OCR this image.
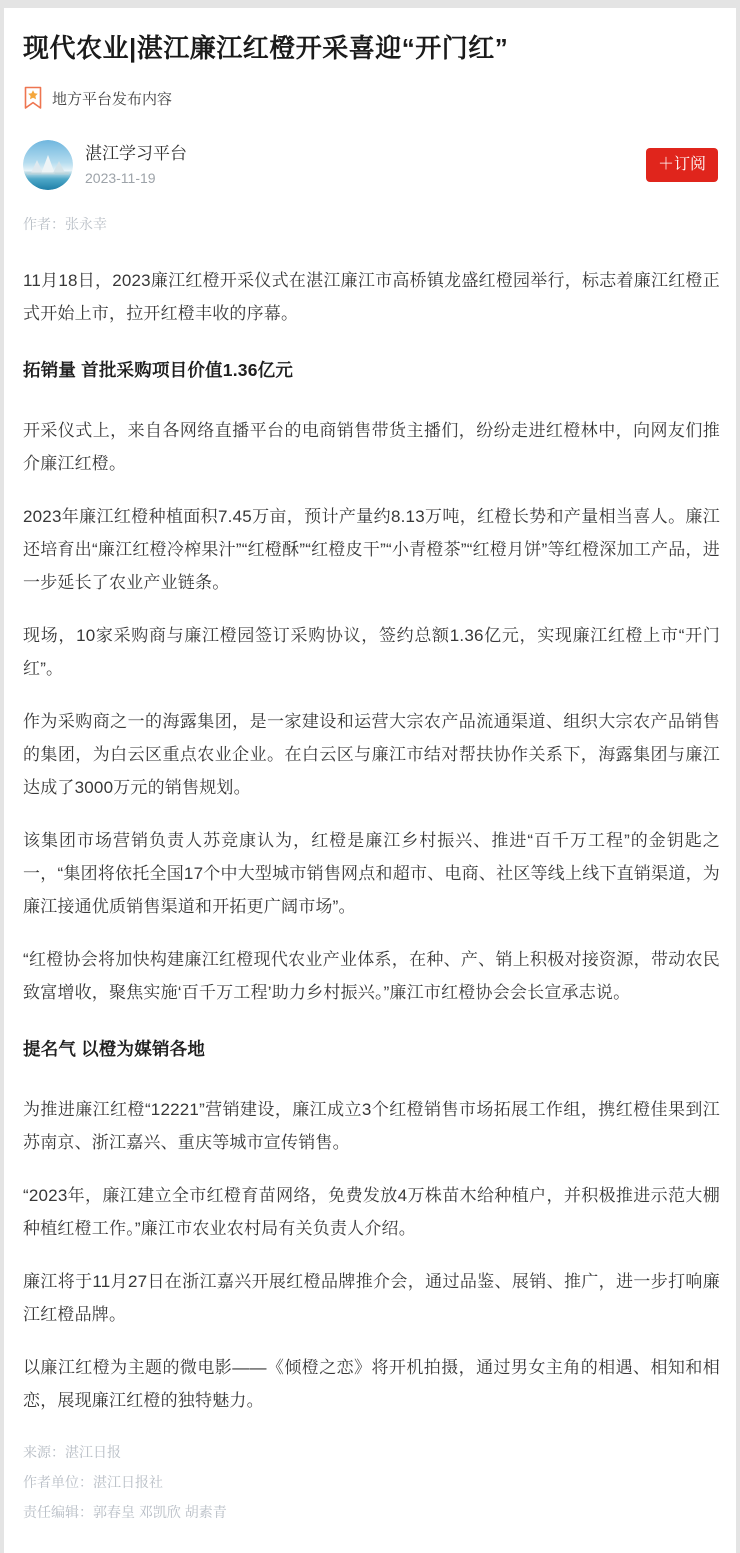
现代农业|湛江廉江红橙开采喜迎“开门红”
地方平台发布内容
湛江学习平台
2023-11-19
＋订阅
作者：张永幸

11月18日，2023廉江红橙开采仪式在湛江廉江市高桥镇龙盛红橙园举行，标志着廉江红橙正式开始上市，拉开红橙丰收的序幕。

拓销量 首批采购项目价值1.36亿元

开采仪式上，来自各网络直播平台的电商销售带货主播们，纷纷走进红橙林中，向网友们推介廉江红橙。

2023年廉江红橙种植面积7.45万亩，预计产量约8.13万吨，红橙长势和产量相当喜人。廉江还培育出“廉江红橙冷榨果汁”“红橙酥”“红橙皮干”“小青橙茶”“红橙月饼”等红橙深加工产品，进一步延长了农业产业链条。

现场，10家采购商与廉江橙园签订采购协议，签约总额1.36亿元，实现廉江红橙上市“开门红”。

作为采购商之一的海露集团，是一家建设和运营大宗农产品流通渠道、组织大宗农产品销售的集团，为白云区重点农业企业。在白云区与廉江市结对帮扶协作关系下，海露集团与廉江达成了3000万元的销售规划。

该集团市场营销负责人苏竞康认为，红橙是廉江乡村振兴、推进“百千万工程”的金钥匙之一，“集团将依托全国17个中大型城市销售网点和超市、电商、社区等线上线下直销渠道，为廉江接通优质销售渠道和开拓更广阔市场”。

“红橙协会将加快构建廉江红橙现代农业产业体系，在种、产、销上积极对接资源，带动农民致富增收，聚焦实施‘百千万工程’助力乡村振兴。”廉江市红橙协会会长宣承志说。

提名气 以橙为媒销各地

为推进廉江红橙“12221”营销建设，廉江成立3个红橙销售市场拓展工作组，携红橙佳果到江苏南京、浙江嘉兴、重庆等城市宣传销售。

“2023年，廉江建立全市红橙育苗网络，免费发放4万株苗木给种植户，并积极推进示范大棚种植红橙工作。”廉江市农业农村局有关负责人介绍。

廉江将于11月27日在浙江嘉兴开展红橙品牌推介会，通过品鉴、展销、推广，进一步打响廉江红橙品牌。

以廉江红橙为主题的微电影——《倾橙之恋》将开机拍摄，通过男女主角的相遇、相知和相恋，展现廉江红橙的独特魅力。

来源：湛江日报
作者单位：湛江日报社
责任编辑：郭春皇 邓凯欣 胡素青
